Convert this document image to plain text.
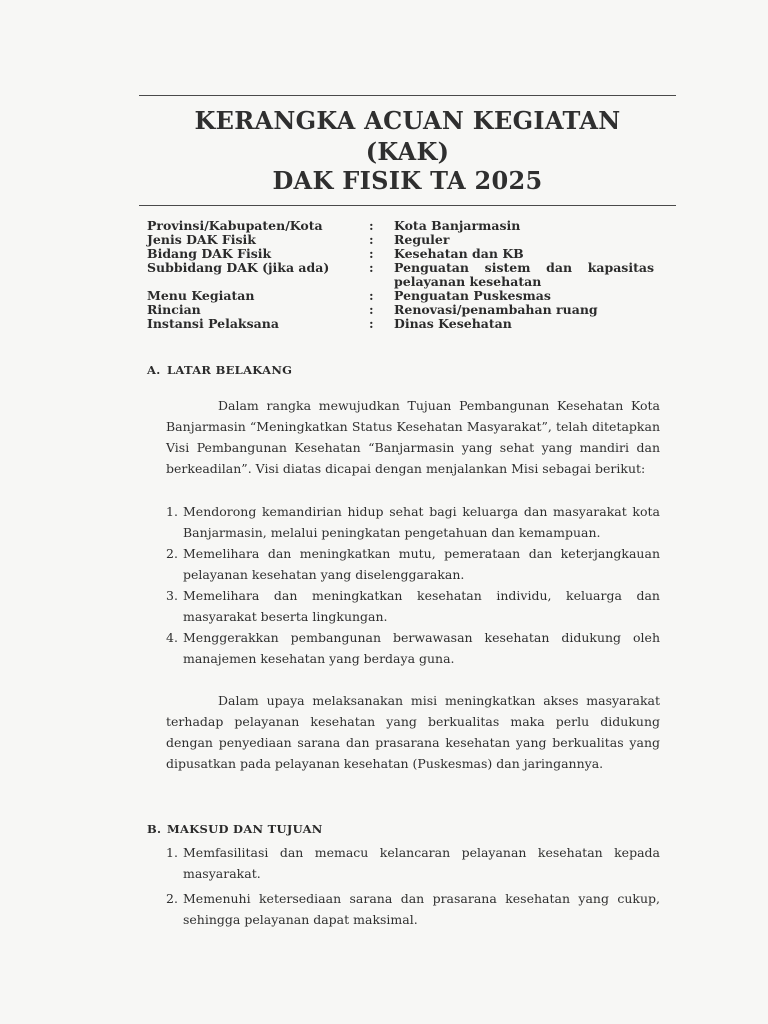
KERANGKA ACUAN KEGIATAN
(KAK)
DAK FISIK TA 2025
Provinsi/Kabupaten/Kota	: Kota Banjarmasin
Jenis DAK Fisik	: Reguler
Bidang DAK Fisik	: Kesehatan dan KB
Subbidang DAK (jika ada)	: Penguatan sistem dan kapasitas
pelayanan kesehatan
Menu Kegiatan	: Penguatan Puskesmas
Rincian	: Renovasi/penambahan ruang
Instansi Pelaksana	: Dinas Kesehatan
A. LATAR BELAKANG
Dalam rangka mewujudkan Tujuan Pembangunan Kesehatan Kota Banjarmasin “Meningkatkan Status Kesehatan Masyarakat”, telah ditetapkan Visi Pembangunan Kesehatan “Banjarmasin yang sehat yang mandiri dan berkeadilan”. Visi diatas dicapai dengan menjalankan Misi sebagai berikut:
1. Mendorong kemandirian hidup sehat bagi keluarga dan masyarakat kota Banjarmasin, melalui peningkatan pengetahuan dan kemampuan.
2. Memelihara dan meningkatkan mutu, pemerataan dan keterjangkauan pelayanan kesehatan yang diselenggarakan.
3. Memelihara dan meningkatkan kesehatan individu, keluarga dan masyarakat beserta lingkungan.
4. Menggerakkan pembangunan berwawasan kesehatan didukung oleh manajemen kesehatan yang berdaya guna.
Dalam upaya melaksanakan misi meningkatkan akses masyarakat terhadap pelayanan kesehatan yang berkualitas maka perlu didukung dengan penyediaan sarana dan prasarana kesehatan yang berkualitas yang dipusatkan pada pelayanan kesehatan (Puskesmas) dan jaringannya.
B. MAKSUD DAN TUJUAN
1. Memfasilitasi dan memacu kelancaran pelayanan kesehatan kepada masyarakat.
2. Memenuhi ketersediaan sarana dan prasarana kesehatan yang cukup, sehingga pelayanan dapat maksimal.
